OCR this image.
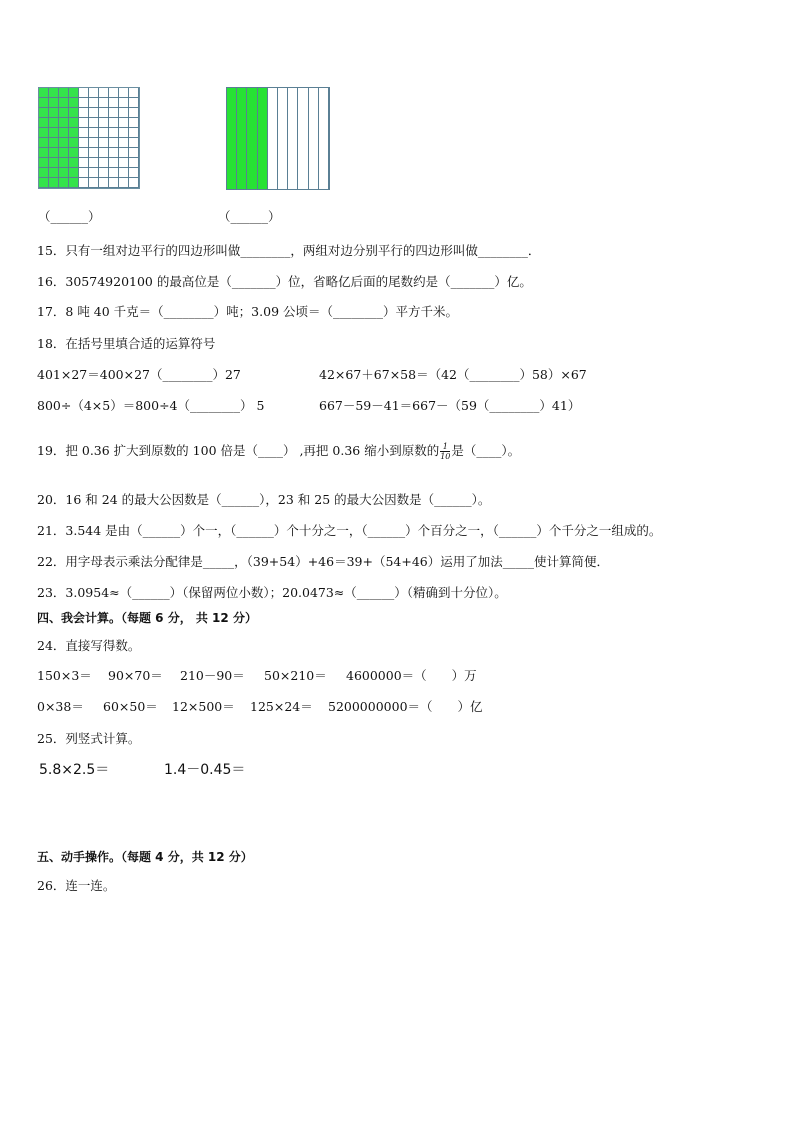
（______）	（______）
15．只有一组对边平行的四边形叫做________，两组对边分别平行的四边形叫做________．
16．30574920100 的最高位是（_______）位，省略亿后面的尾数约是（_______）亿。
17．8 吨 40 千克＝（________）吨；3.09 公顷＝（________）平方千米。
18．在括号里填合适的运算符号
401×27＝400×27（________）27	42×67＋67×58＝（42（________）58）×67
800÷（4×5）＝800÷4（________） 5	667－59－41＝667－（59（________）41）
19．把 0.36 扩大到原数的 100 倍是（____） ,再把 0.36 缩小到原数的 $\frac{1}{10}$ 是（____）。
20．16 和 24 的最大公因数是（______），23 和 25 的最大公因数是（______）。
21．3.544 是由（______）个一，（______）个十分之一，（______）个百分之一，（______）个千分之一组成的。
22．用字母表示乘法分配律是_____，（39+54）+46＝39+（54+46）运用了加法_____使计算简便．
23．3.0954≈（______）（保留两位小数）；20.0473≈（______）（精确到十分位）。
四、我会计算。（每题 6 分， 共 12 分）
24．直接写得数。
150×3＝ 90×70＝ 210－90＝ 50×210＝ 4600000＝（　　）万
0×38＝ 60×50＝ 12×500＝ 125×24＝ 5200000000＝（　　）亿
25．列竖式计算。
5.8×2.5＝	1.4－0.45＝
五、动手操作。（每题 4 分，共 12 分）
26．连一连。
